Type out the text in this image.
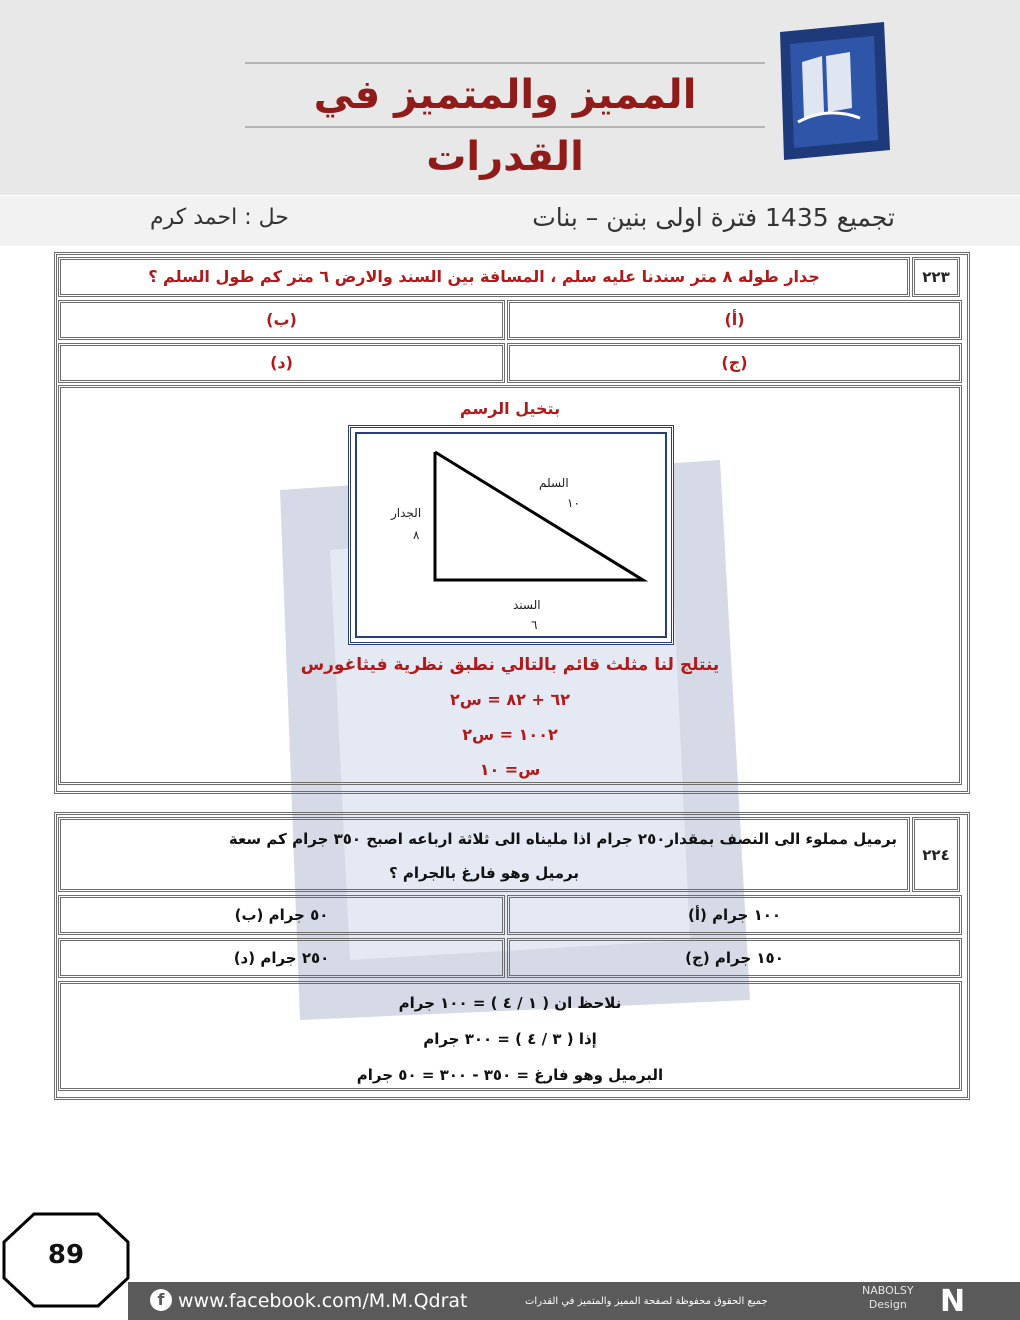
المميز والمتميز في القدرات
تجميع 1435 فترة اولى بنين – بنات
حل : احمد كرم
٢٢٣
جدار طوله ٨ متر سندنا عليه سلم ، المسافة بين السند والارض ٦ متر كم طول السلم ؟
(أ)
(ب)
(ج)
(د)
بتخيل الرسم
السلم
١٠
الجدار
٨
السند
٦
ينتلج لنا مثلث قائم بالتالي نطبق نظرية فيثاغورس
٦٢ + ٨٢ = س٢
١٠٠٢ = س٢
س= ١٠
٢٢٤
برميل مملوء الى النصف بمقدار٢٥٠ جرام اذا مليناه الى ثلاثة ارباعه اصبح ٣٥٠ جرام كم سعة
برميل وهو فارغ بالجرام ؟
(أ) ١٠٠ جرام
(ب) ٥٠ جرام
(ج) ١٥٠ جرام
(د) ٢٥٠ جرام
نلاحظ ان ( ١ / ٤ ) = ١٠٠ جرام
إذا ( ٣ / ٤ ) = ٣٠٠ جرام
البرميل وهو فارغ = ٣٥٠ - ٣٠٠ = ٥٠ جرام
89
f www.facebook.com/M.M.Qdrat	جميع الحقوق محفوظة لصفحة المميز والمتميز في القدرات
NABOLSY
Design N
